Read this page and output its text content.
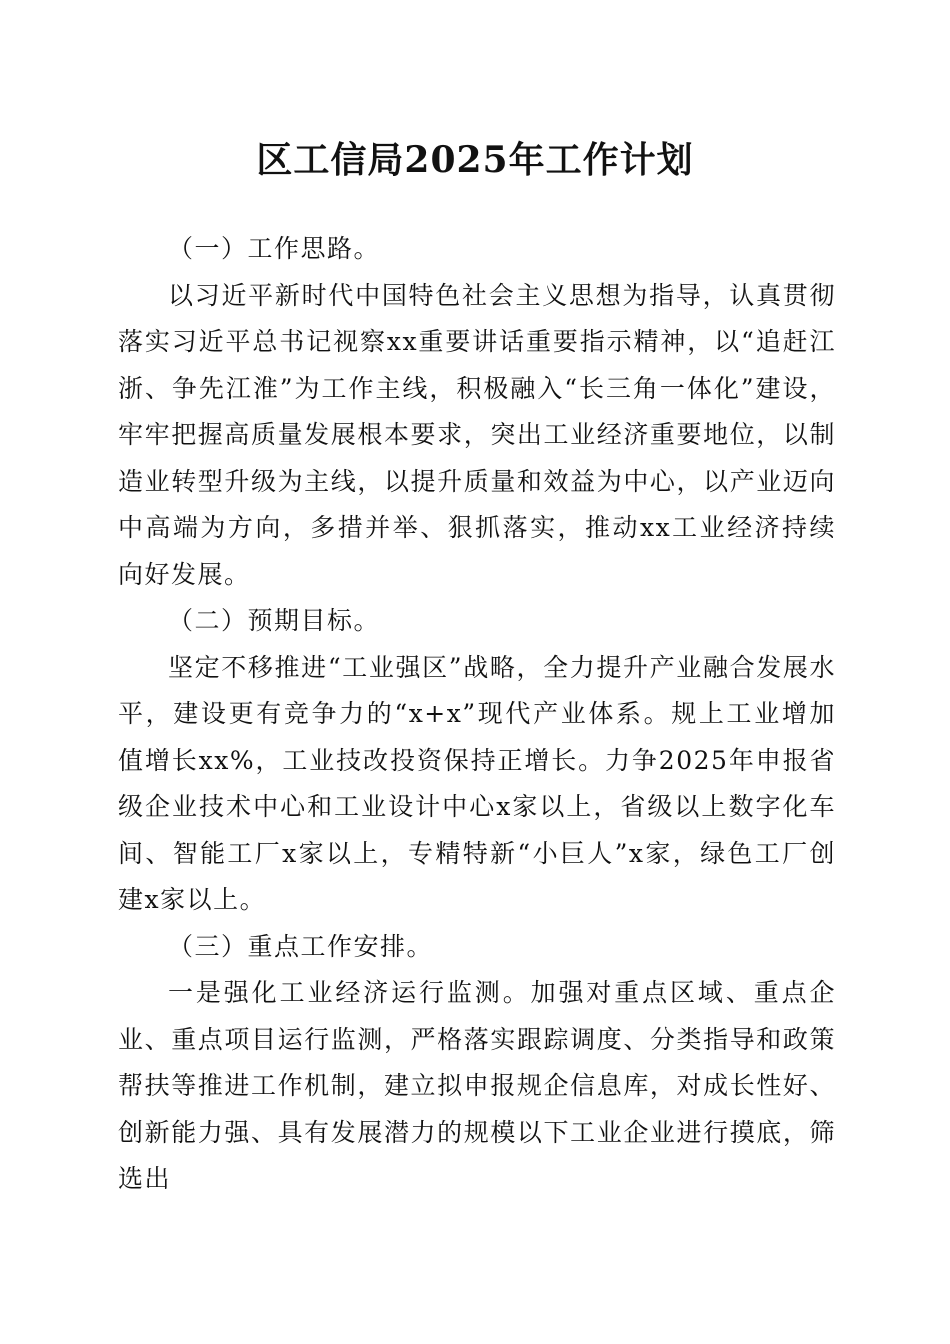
区工信局2025年工作计划

（一）工作思路。

以习近平新时代中国特色社会主义思想为指导，认真贯彻落实习近平总书记视察xx重要讲话重要指示精神，以“追赶江浙、争先江淮”为工作主线，积极融入“长三角一体化”建设，牢牢把握高质量发展根本要求，突出工业经济重要地位，以制造业转型升级为主线，以提升质量和效益为中心，以产业迈向中高端为方向，多措并举、狠抓落实，推动xx工业经济持续向好发展。

（二）预期目标。

坚定不移推进“工业强区”战略，全力提升产业融合发展水平，建设更有竞争力的“x+x”现代产业体系。规上工业增加值增长xx%，工业技改投资保持正增长。力争2025年申报省级企业技术中心和工业设计中心x家以上，省级以上数字化车间、智能工厂x家以上，专精特新“小巨人”x家，绿色工厂创建x家以上。

（三）重点工作安排。

一是强化工业经济运行监测。加强对重点区域、重点企业、重点项目运行监测，严格落实跟踪调度、分类指导和政策帮扶等推进工作机制，建立拟申报规企信息库，对成长性好、创新能力强、具有发展潜力的规模以下工业企业进行摸底，筛选出
